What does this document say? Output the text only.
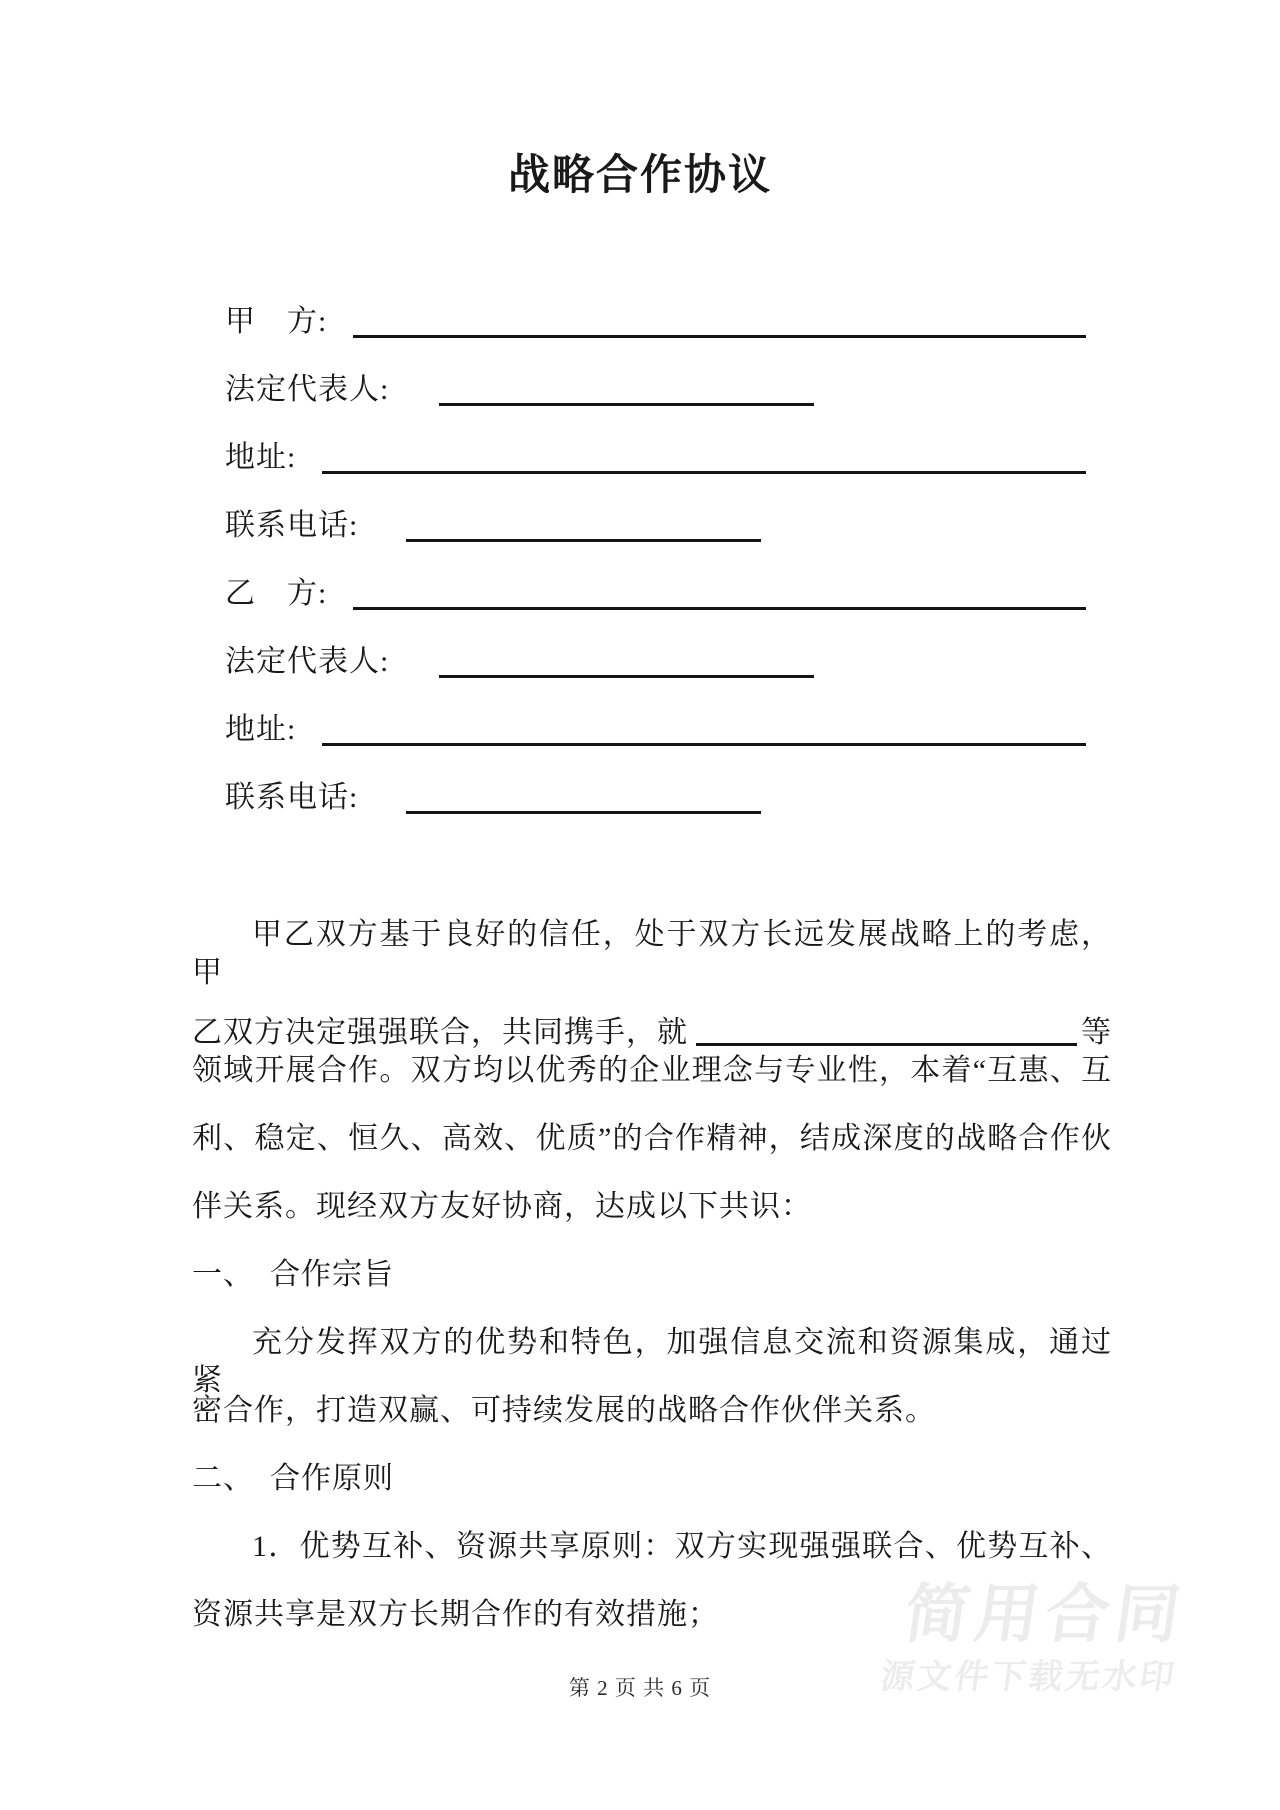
战略合作协议
甲　方:
法定代表人:
地址:
联系电话:
乙　方:
法定代表人:
地址:
联系电话:
甲乙双方基于良好的信任，处于双方长远发展战略上的考虑，甲
乙双方决定强强联合，共同携手，就	等
领域开展合作。双方均以优秀的企业理念与专业性，本着“互惠、互
利、稳定、恒久、高效、优质”的合作精神，结成深度的战略合作伙
伴关系。现经双方友好协商，达成以下共识：
一、　合作宗旨
充分发挥双方的优势和特色，加强信息交流和资源集成，通过紧
密合作，打造双赢、可持续发展的战略合作伙伴关系。
二、　合作原则
1．优势互补、资源共享原则：双方实现强强联合、优势互补、
资源共享是双方长期合作的有效措施；
第 2 页 共 6 页
简用合同
源文件下载无水印
